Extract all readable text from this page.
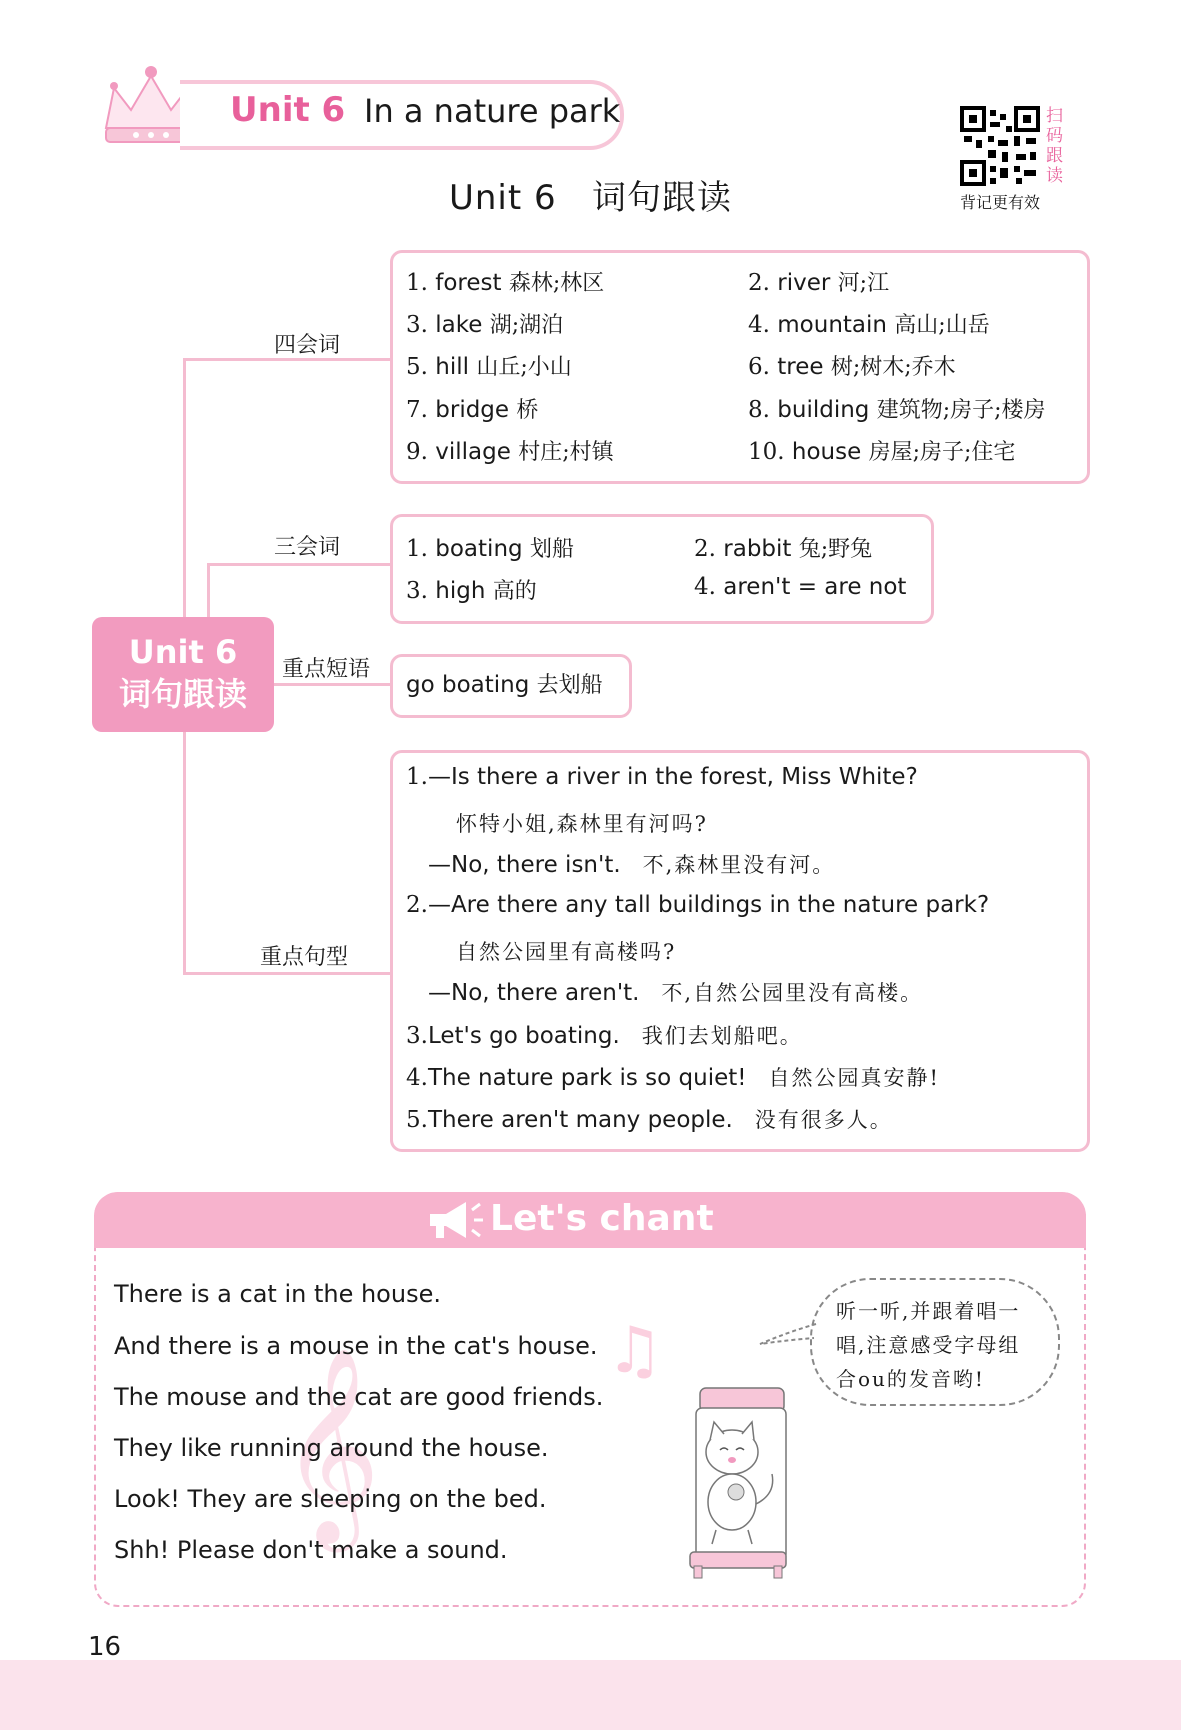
Unit 6 In a nature park	扫
码
跟
读
背记更有效
Unit 6 词句跟读
Unit 6
词句跟读
四会词
1. forest 森林;林区	2. river 河;江
3. lake 湖;湖泊	4. mountain 高山;山岳
5. hill 山丘;小山	6. tree 树;树木;乔木
7. bridge 桥	8. building 建筑物;房子;楼房
9. village 村庄;村镇	10. house 房屋;房子;住宅
三会词	1. boating 划船	2. rabbit 兔;野兔
3. high 高的	4. aren't = are not
重点短语
go boating 去划船
重点句型
1.—Is there a river in the forest, Miss White?
怀特小姐,森林里有河吗?
—No, there isn't. 不,森林里没有河。
2.—Are there any tall buildings in the nature park?
自然公园里有高楼吗?
—No, there aren't. 不,自然公园里没有高楼。
3.Let's go boating. 我们去划船吧。
4.The nature park is so quiet! 自然公园真安静!
5.There aren't many people. 没有很多人。
Let's chant
𝄞	♫
There is a cat in the house.
And there is a mouse in the cat's house.
The mouse and the cat are good friends.
They like running around the house.
Look! They are sleeping on the bed.
Shh! Please don't make a sound.
听一听,并跟着唱一
唱,注意感受字母组
合ou的发音哟!
16
